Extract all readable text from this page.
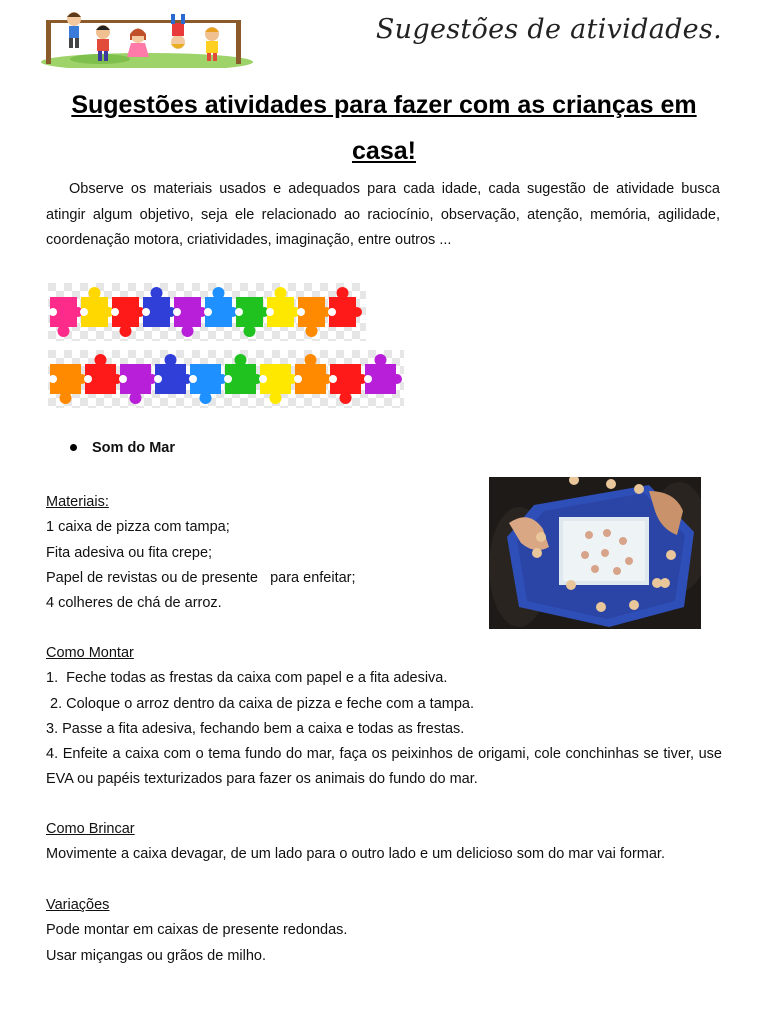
Sugestões de atividades.
Sugestões atividades para fazer com as crianças em casa!

Observe os materiais usados e adequados para cada idade, cada sugestão de atividade busca atingir algum objetivo, seja ele relacionado ao raciocínio, observação, atenção, memória, agilidade, coordenação motora, criatividades, imaginação, entre outros ...

Som do Mar
Materiais:
1 caixa de pizza com tampa;
Fita adesiva ou fita crepe;
Papel de revistas ou de presente   para enfeitar;
4 colheres de chá de arroz.
Como Montar
1.  Feche todas as frestas da caixa com papel e a fita adesiva.
2. Coloque o arroz dentro da caixa de pizza e feche com a tampa.
3. Passe a fita adesiva, fechando bem a caixa e todas as frestas.
4. Enfeite a caixa com o tema fundo do mar, faça os peixinhos de origami, cole conchinhas se tiver, use EVA ou papéis texturizados para fazer os animais do fundo do mar.
Como Brincar
Movimente a caixa devagar, de um lado para o outro lado e um delicioso som do mar vai formar.
Variações
Pode montar em caixas de presente redondas.
Usar miçangas ou grãos de milho.
